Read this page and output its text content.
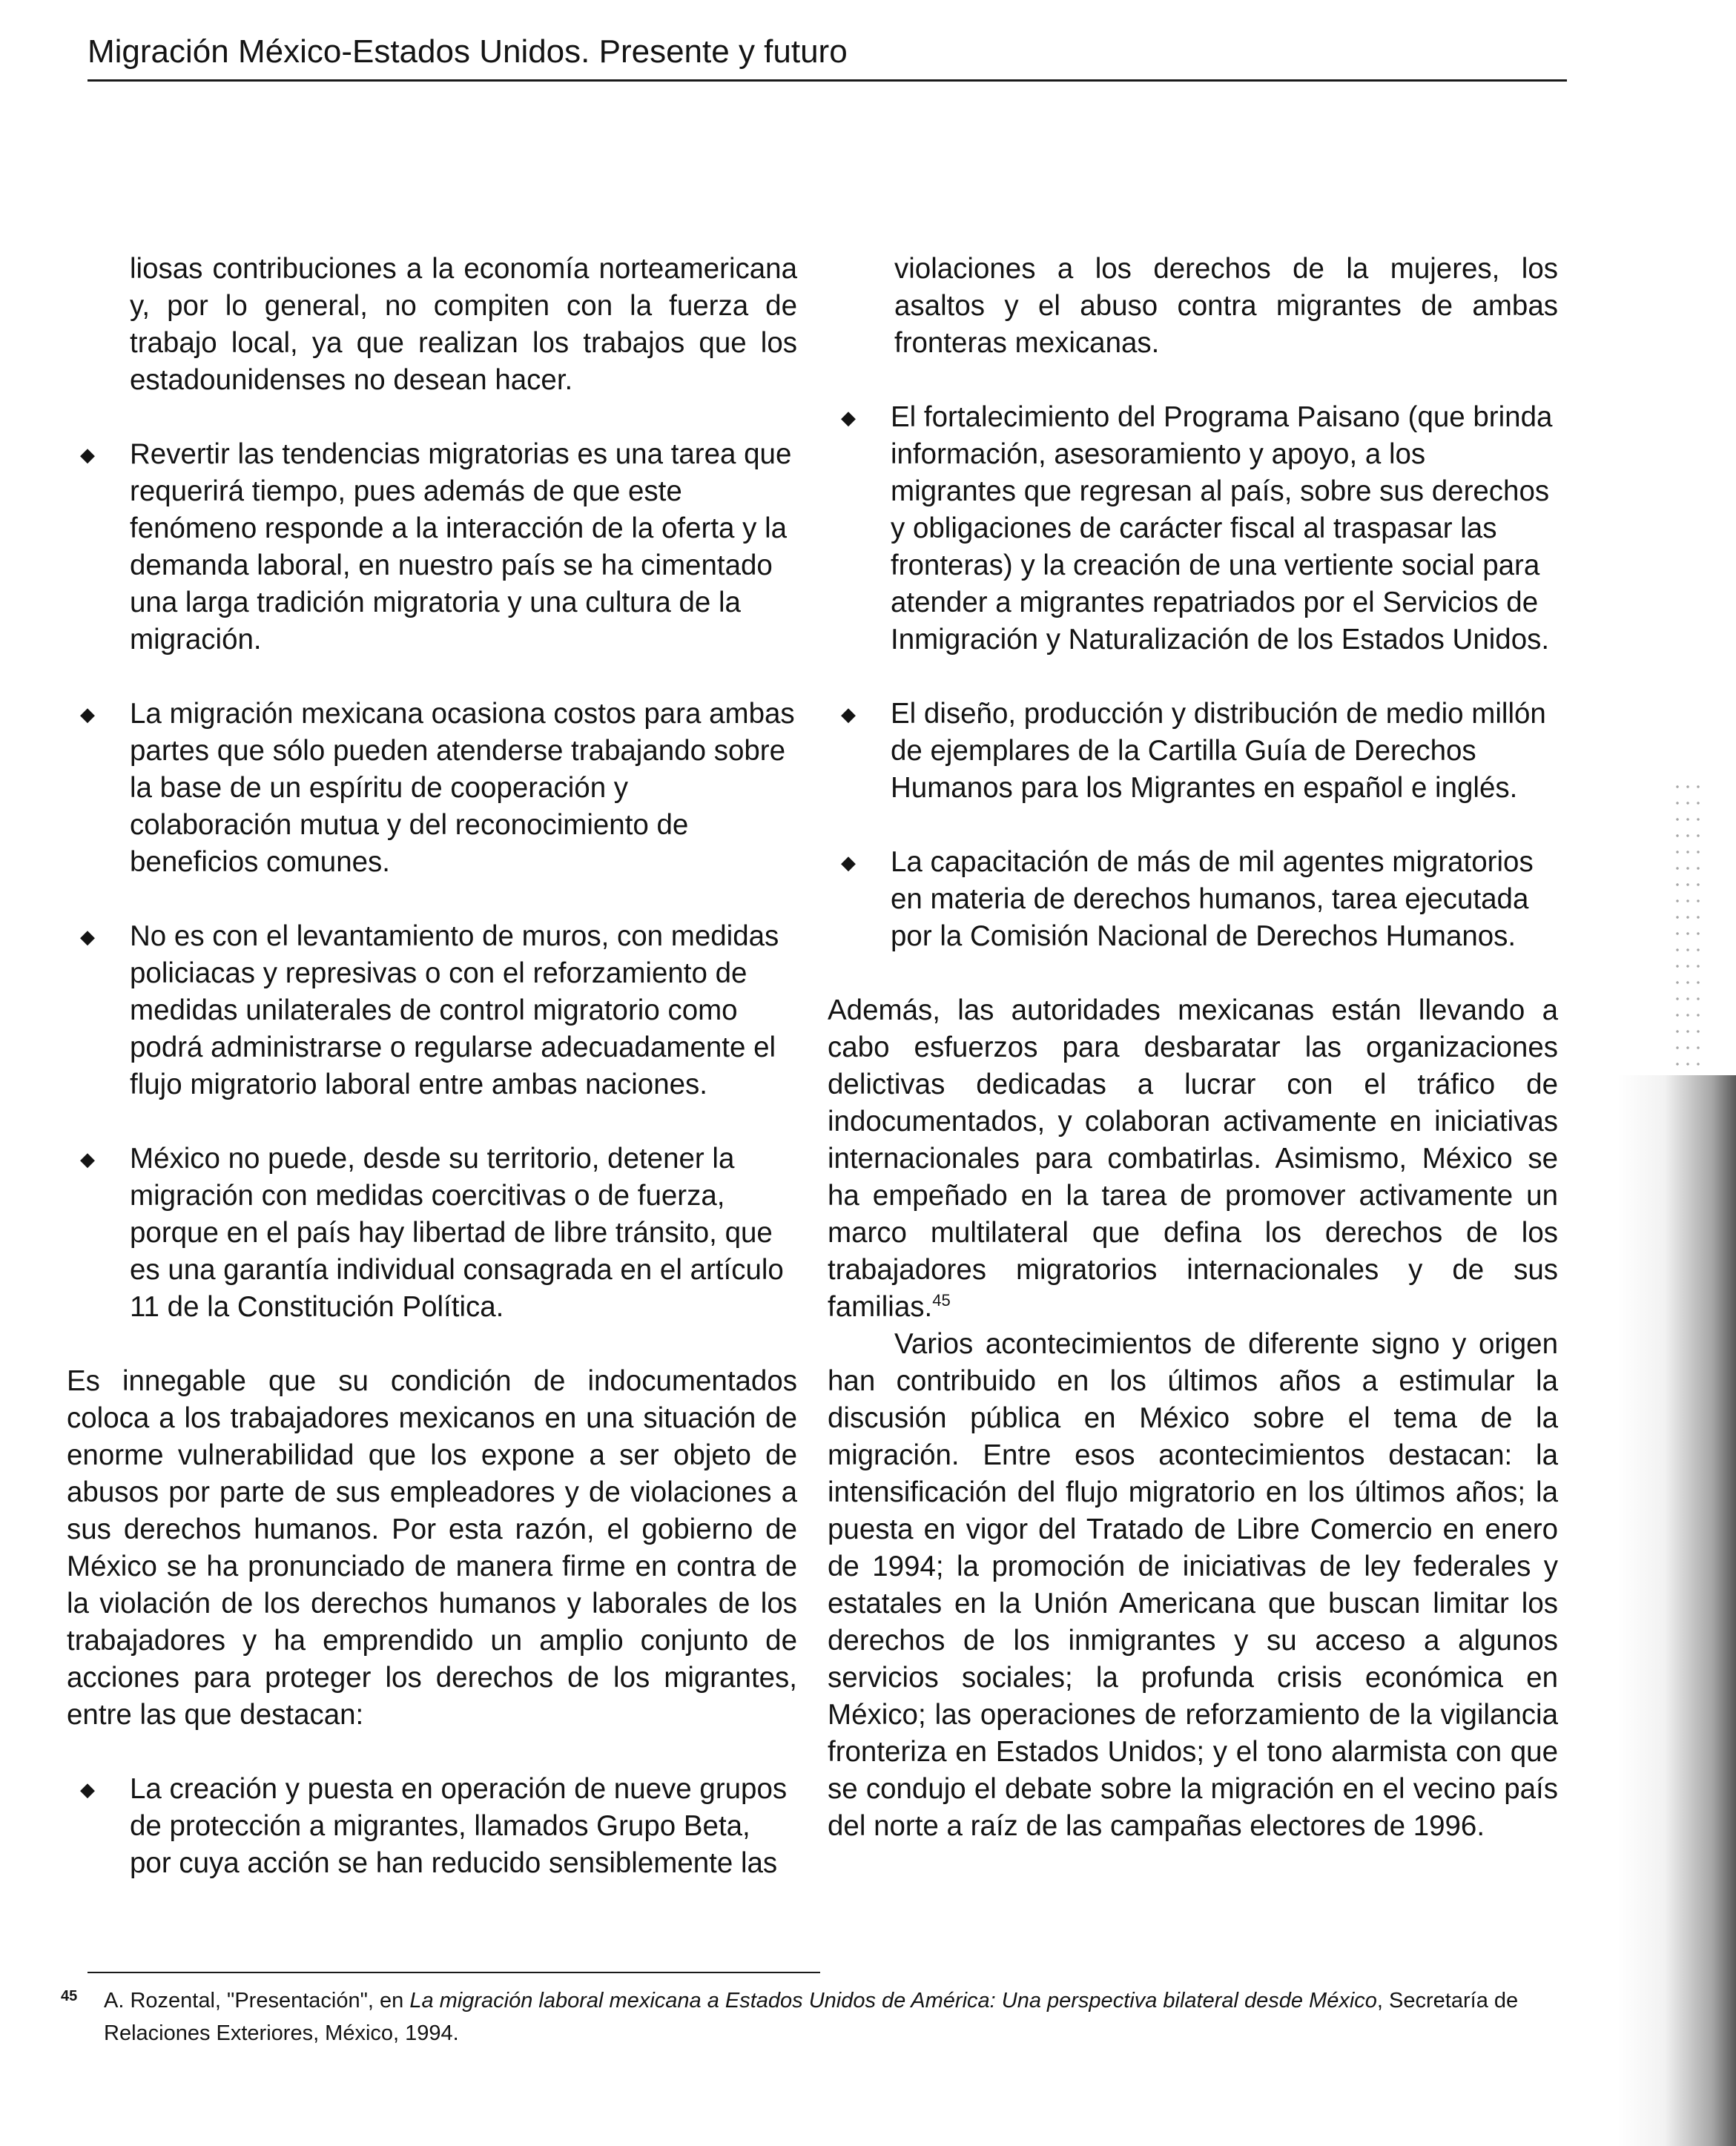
Migración México-Estados Unidos. Presente y futuro

liosas contribuciones a la economía norteamericana y, por lo general, no compiten con la fuerza de trabajo local, ya que realizan los trabajos que los estadounidenses no desean hacer.

◆ Revertir las tendencias migratorias es una tarea que requerirá tiempo, pues además de que este fenómeno responde a la interacción de la oferta y la demanda laboral, en nuestro país se ha cimentado una larga tradición migratoria y una cultura de la migración.

◆ La migración mexicana ocasiona costos para ambas partes que sólo pueden atenderse trabajando sobre la base de un espíritu de cooperación y colaboración mutua y del reconocimiento de beneficios comunes.

◆ No es con el levantamiento de muros, con medidas policiacas y represivas o con el reforzamiento de medidas unilaterales de control migratorio como podrá administrarse o regularse adecuadamente el flujo migratorio laboral entre ambas naciones.

◆ México no puede, desde su territorio, detener la migración con medidas coercitivas o de fuerza, porque en el país hay libertad de libre tránsito, que es una garantía individual consagrada en el artículo 11 de la Constitución Política.

Es innegable que su condición de indocumentados coloca a los trabajadores mexicanos en una situación de enorme vulnerabilidad que los expone a ser objeto de abusos por parte de sus empleadores y de violaciones a sus derechos humanos. Por esta razón, el gobierno de México se ha pronunciado de manera firme en contra de la violación de los derechos humanos y laborales de los trabajadores y ha emprendido un amplio conjunto de acciones para proteger los derechos de los migrantes, entre las que destacan:

◆ La creación y puesta en operación de nueve grupos de protección a migrantes, llamados Grupo Beta, por cuya acción se han reducido sensiblemente las

violaciones a los derechos de la mujeres, los asaltos y el abuso contra migrantes de ambas fronteras mexicanas.

◆ El fortalecimiento del Programa Paisano (que brinda información, asesoramiento y apoyo, a los migrantes que regresan al país, sobre sus derechos y obligaciones de carácter fiscal al traspasar las fronteras) y la creación de una vertiente social para atender a migrantes repatriados por el Servicios de Inmigración y Naturalización de los Estados Unidos.

◆ El diseño, producción y distribución de medio millón de ejemplares de la Cartilla Guía de Derechos Humanos para los Migrantes en español e inglés.

◆ La capacitación de más de mil agentes migratorios en materia de derechos humanos, tarea ejecutada por la Comisión Nacional de Derechos Humanos.

Además, las autoridades mexicanas están llevando a cabo esfuerzos para desbaratar las organizaciones delictivas dedicadas a lucrar con el tráfico de indocumentados, y colaboran activamente en iniciativas internacionales para combatirlas. Asimismo, México se ha empeñado en la tarea de promover activamente un marco multilateral que defina los derechos de los trabajadores migratorios internacionales y de sus familias.$^{45}$

Varios acontecimientos de diferente signo y origen han contribuido en los últimos años a estimular la discusión pública en México sobre el tema de la migración. Entre esos acontecimientos destacan: la intensificación del flujo migratorio en los últimos años; la puesta en vigor del Tratado de Libre Comercio en enero de 1994; la promoción de iniciativas de ley federales y estatales en la Unión Americana que buscan limitar los derechos de los inmigrantes y su acceso a algunos servicios sociales; la profunda crisis económica en México; las operaciones de reforzamiento de la vigilancia fronteriza en Estados Unidos; y el tono alarmista con que se condujo el debate sobre la migración en el vecino país del norte a raíz de las campañas electores de 1996.

45 A. Rozental, "Presentación", en La migración laboral mexicana a Estados Unidos de América: Una perspectiva bilateral desde México, Secretaría de Relaciones Exteriores, México, 1994.
